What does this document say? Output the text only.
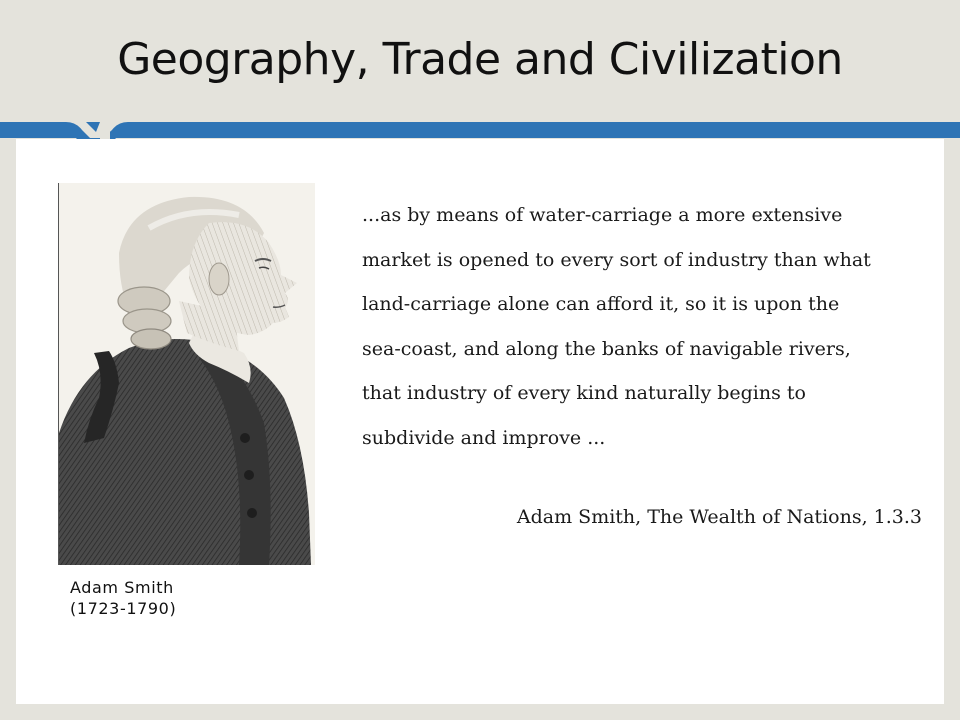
Geography, Trade and Civilization
Adam Smith
(1723-1790)
...as by means of water-carriage a more extensive
market is opened to every sort of industry than what
land-carriage alone can afford it, so it is upon the
sea-coast, and along the banks of navigable rivers,
that industry of every kind naturally begins to
subdivide and improve ...
Adam Smith, The Wealth of Nations, 1.3.3
